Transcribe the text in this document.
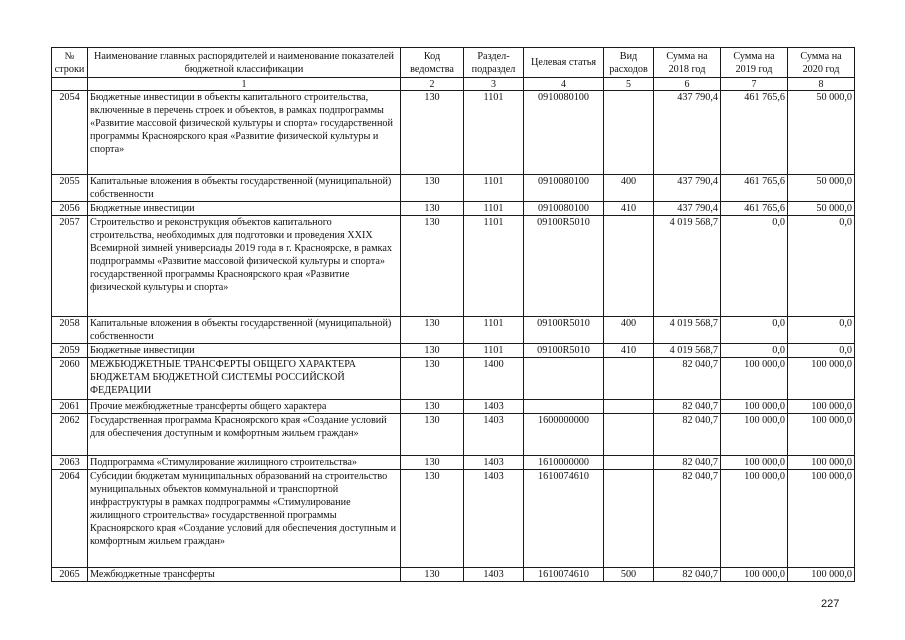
№ строки	Наименование главных распорядителей и наименование показателей бюджетной классификации	Код ведомства	Раздел-подраздел	Целевая статья	Вид расходов	Сумма на 2018 год	Сумма на 2019 год	Сумма на 2020 год
	1	2	3	4	5	6	7	8
2054	Бюджетные инвестиции в объекты капитального строительства, включенные в перечень строек и объектов, в рамках подпрограммы «Развитие массовой физической культуры и спорта» государственной программы Красноярского края «Развитие физической культуры и спорта»	130	1101	0910080100		437 790,4	461 765,6	50 000,0
2055	Капитальные вложения в объекты государственной (муниципальной) собственности	130	1101	0910080100	400	437 790,4	461 765,6	50 000,0
2056	Бюджетные инвестиции	130	1101	0910080100	410	437 790,4	461 765,6	50 000,0
2057	Строительство и реконструкция объектов капитального строительства, необходимых для подготовки и проведения XXIX Всемирной зимней универсиады 2019 года в г. Красноярске, в рамках подпрограммы «Развитие массовой физической культуры и спорта» государственной программы Красноярского края «Развитие физической культуры и спорта»	130	1101	09100R5010		4 019 568,7	0,0	0,0
2058	Капитальные вложения в объекты государственной (муниципальной) собственности	130	1101	09100R5010	400	4 019 568,7	0,0	0,0
2059	Бюджетные инвестиции	130	1101	09100R5010	410	4 019 568,7	0,0	0,0
2060	МЕЖБЮДЖЕТНЫЕ ТРАНСФЕРТЫ ОБЩЕГО ХАРАКТЕРА БЮДЖЕТАМ БЮДЖЕТНОЙ СИСТЕМЫ РОССИЙСКОЙ ФЕДЕРАЦИИ	130	1400			82 040,7	100 000,0	100 000,0
2061	Прочие межбюджетные трансферты общего характера	130	1403			82 040,7	100 000,0	100 000,0
2062	Государственная программа Красноярского края «Создание условий для обеспечения доступным и комфортным жильем граждан»	130	1403	1600000000		82 040,7	100 000,0	100 000,0
2063	Подпрограмма «Стимулирование жилищного строительства»	130	1403	1610000000		82 040,7	100 000,0	100 000,0
2064	Субсидии бюджетам муниципальных образований на строительство муниципальных объектов коммунальной и транспортной инфраструктуры в рамках подпрограммы «Стимулирование жилищного строительства» государственной программы Красноярского края «Создание условий для обеспечения доступным и комфортным жильем граждан»	130	1403	1610074610		82 040,7	100 000,0	100 000,0
2065	Межбюджетные трансферты	130	1403	1610074610	500	82 040,7	100 000,0	100 000,0
227
